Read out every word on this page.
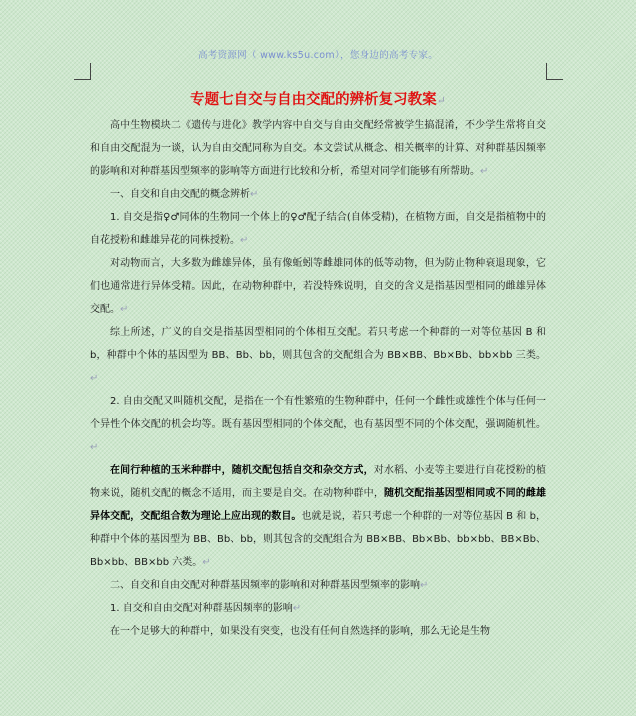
高考资源网（ www.ks5u.com），您身边的高考专家。
专题七自交与自由交配的辨析复习教案↵

高中生物模块二《遗传与进化》教学内容中自交与自由交配经常被学生搞混淆，不少学生常将自交和自由交配混为一谈，认为自由交配同称为自交。本文尝试从概念、相关概率的计算、对种群基因频率的影响和对种群基因型频率的影响等方面进行比较和分析，希望对同学们能够有所帮助。↵

一、自交和自由交配的概念辨析↵

1. 自交是指♀♂同体的生物同一个体上的♀♂配子结合(自体受精)，在植物方面，自交是指植物中的自花授粉和雌雄异花的同株授粉。↵

对动物而言，大多数为雌雄异体，虽有像蚯蚓等雌雄同体的低等动物，但为防止物种衰退现象，它们也通常进行异体受精。因此，在动物种群中，若没特殊说明，自交的含义是指基因型相同的雌雄异体交配。↵

综上所述，广义的自交是指基因型相同的个体相互交配。若只考虑一个种群的一对等位基因 B 和 b，种群中个体的基因型为 BB、Bb、bb，则其包含的交配组合为 BB×BB、Bb×Bb、bb×bb 三类。↵

2. 自由交配又叫随机交配，是指在一个有性繁殖的生物种群中，任何一个雌性或雄性个体与任何一个异性个体交配的机会均等。既有基因型相同的个体交配，也有基因型不同的个体交配，强调随机性。↵

在间行种植的玉米种群中，随机交配包括自交和杂交方式，对水稻、小麦等主要进行自花授粉的植物来说，随机交配的概念不适用，而主要是自交。在动物种群中，随机交配指基因型相同或不同的雌雄异体交配，交配组合数为理论上应出现的数目。也就是说，若只考虑一个种群的一对等位基因 B 和 b，种群中个体的基因型为 BB、Bb、bb，则其包含的交配组合为 BB×BB、Bb×Bb、bb×bb、BB×Bb、Bb×bb、BB×bb 六类。↵

二、自交和自由交配对种群基因频率的影响和对种群基因型频率的影响↵

1. 自交和自由交配对种群基因频率的影响↵

在一个足够大的种群中，如果没有突变，也没有任何自然选择的影响，那么无论是生物
